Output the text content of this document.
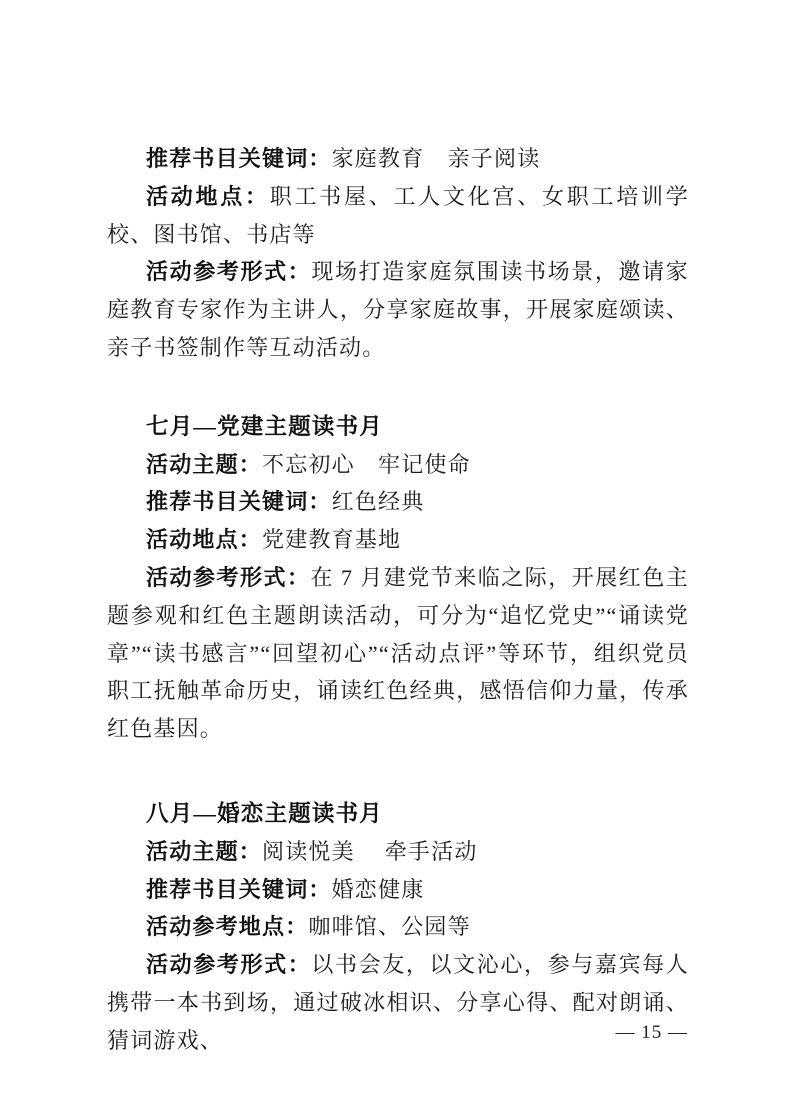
推荐书目关键词：家庭教育　亲子阅读

活动地点：职工书屋、工人文化宫、女职工培训学校、图书馆、书店等

活动参考形式：现场打造家庭氛围读书场景，邀请家庭教育专家作为主讲人，分享家庭故事，开展家庭颂读、亲子书签制作等互动活动。

七月—党建主题读书月

活动主题：不忘初心　牢记使命

推荐书目关键词：红色经典

活动地点：党建教育基地

活动参考形式：在 7 月建党节来临之际，开展红色主题参观和红色主题朗读活动，可分为“追忆党史”“诵读党章”“读书感言”“回望初心”“活动点评”等环节，组织党员职工抚触革命历史，诵读红色经典，感悟信仰力量，传承红色基因。

八月—婚恋主题读书月

活动主题：阅读悦美　 牵手活动

推荐书目关键词：婚恋健康

活动参考地点：咖啡馆、公园等

活动参考形式：以书会友，以文沁心，参与嘉宾每人携带一本书到场，通过破冰相识、分享心得、配对朗诵、猜词游戏、	— 15 —
